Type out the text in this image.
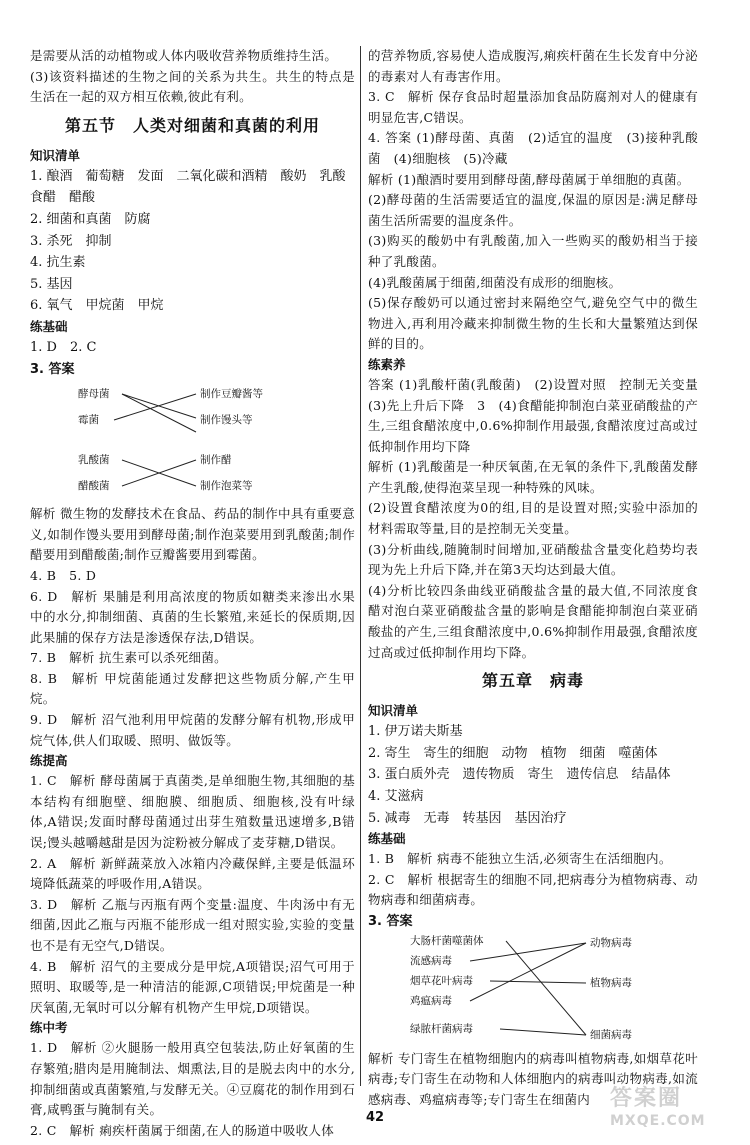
是需要从活的动植物或人体内吸收营养物质维持生活。

(3)该资料描述的生物之间的关系为共生。共生的特点是生活在一起的双方相互依赖,彼此有利。

第五节　人类对细菌和真菌的利用
知识清单

1. 酿酒　葡萄糖　发面　二氧化碳和酒精　酸奶　乳酸　食醋　醋酸

2. 细菌和真菌　防腐

3. 杀死　抑制

4. 抗生素

5. 基因

6. 氧气　甲烷菌　甲烷

练基础

1. D　2. C

3. 答案

酵母菌
霉菌
乳酸菌
醋酸菌
制作豆瓣酱等
制作馒头等
制作醋
制作泡菜等

解析 微生物的发酵技术在食品、药品的制作中具有重要意义,如制作馒头要用到酵母菌;制作泡菜要用到乳酸菌;制作醋要用到醋酸菌;制作豆瓣酱要用到霉菌。

4. B　5. D

6. D　解析 果脯是利用高浓度的物质如糖类来渗出水果中的水分,抑制细菌、真菌的生长繁殖,来延长的保质期,因此果脯的保存方法是渗透保存法,D错误。

7. B　解析 抗生素可以杀死细菌。

8. B　解析 甲烷菌能通过发酵把这些物质分解,产生甲烷。

9. D　解析 沼气池利用甲烷菌的发酵分解有机物,形成甲烷气体,供人们取暖、照明、做饭等。

练提高

1. C　解析 酵母菌属于真菌类,是单细胞生物,其细胞的基本结构有细胞壁、细胞膜、细胞质、细胞核,没有叶绿体,A错误;发面时酵母菌通过出芽生殖数量迅速增多,B错误;馒头越嚼越甜是因为淀粉被分解成了麦芽糖,D错误。

2. A　解析 新鲜蔬菜放入冰箱内冷藏保鲜,主要是低温环境降低蔬菜的呼吸作用,A错误。

3. D　解析 乙瓶与丙瓶有两个变量:温度、牛肉汤中有无细菌,因此乙瓶与丙瓶不能形成一组对照实验,实验的变量也不是有无空气,D错误。

4. B　解析 沼气的主要成分是甲烷,A项错误;沼气可用于照明、取暖等,是一种清洁的能源,C项错误;甲烷菌是一种厌氧菌,无氧时可以分解有机物产生甲烷,D项错误。

练中考

1. D　解析 ②火腿肠一般用真空包装法,防止好氧菌的生存繁殖;腊肉是用腌制法、烟熏法,目的是脱去肉中的水分,抑制细菌或真菌繁殖,与发酵无关。④豆腐花的制作用到石膏,咸鸭蛋与腌制有关。

2. C　解析 痢疾杆菌属于细菌,在人的肠道中吸收人体

的营养物质,容易使人造成腹泻,痢疾杆菌在生长发育中分泌的毒素对人有毒害作用。

3. C　解析 保存食品时超量添加食品防腐剂对人的健康有明显危害,C错误。

4. 答案 (1)酵母菌、真菌　(2)适宜的温度　(3)接种乳酸菌　(4)细胞核　(5)冷藏

解析 (1)酿酒时要用到酵母菌,酵母菌属于单细胞的真菌。

(2)酵母菌的生活需要适宜的温度,保温的原因是:满足酵母菌生活所需要的温度条件。

(3)购买的酸奶中有乳酸菌,加入一些购买的酸奶相当于接种了乳酸菌。

(4)乳酸菌属于细菌,细菌没有成形的细胞核。

(5)保存酸奶可以通过密封来隔绝空气,避免空气中的微生物进入,再利用冷藏来抑制微生物的生长和大量繁殖达到保鲜的目的。

练素养

答案 (1)乳酸杆菌(乳酸菌)　(2)设置对照　控制无关变量　(3)先上升后下降　3　(4)食醋能抑制泡白菜亚硝酸盐的产生,三组食醋浓度中,0.6%抑制作用最强,食醋浓度过高或过低抑制作用均下降

解析 (1)乳酸菌是一种厌氧菌,在无氧的条件下,乳酸菌发酵产生乳酸,使得泡菜呈现一种特殊的风味。

(2)设置食醋浓度为0的组,目的是设置对照;实验中添加的材料需取等量,目的是控制无关变量。

(3)分析曲线,随腌制时间增加,亚硝酸盐含量变化趋势均表现为先上升后下降,并在第3天均达到最大值。

(4)分析比较四条曲线亚硝酸盐含量的最大值,不同浓度食醋对泡白菜亚硝酸盐含量的影响是食醋能抑制泡白菜亚硝酸盐的产生,三组食醋浓度中,0.6%抑制作用最强,食醋浓度过高或过低抑制作用均下降。

第五章　病毒
知识清单

1. 伊万诺夫斯基

2. 寄生　寄生的细胞　动物　植物　细菌　噬菌体

3. 蛋白质外壳　遗传物质　寄生　遗传信息　结晶体

4. 艾滋病

5. 减毒　无毒　转基因　基因治疗

练基础

1. B　解析 病毒不能独立生活,必须寄生在活细胞内。

2. C　解析 根据寄生的细胞不同,把病毒分为植物病毒、动物病毒和细菌病毒。

3. 答案

大肠杆菌噬菌体
流感病毒
烟草花叶病毒
鸡瘟病毒
绿脓杆菌病毒
动物病毒
植物病毒
细菌病毒

解析 专门寄生在植物细胞内的病毒叫植物病毒,如烟草花叶病毒;专门寄生在动物和人体细胞内的病毒叫动物病毒,如流感病毒、鸡瘟病毒等;专门寄生在细菌内

42
答案圈
MXQE.COM
